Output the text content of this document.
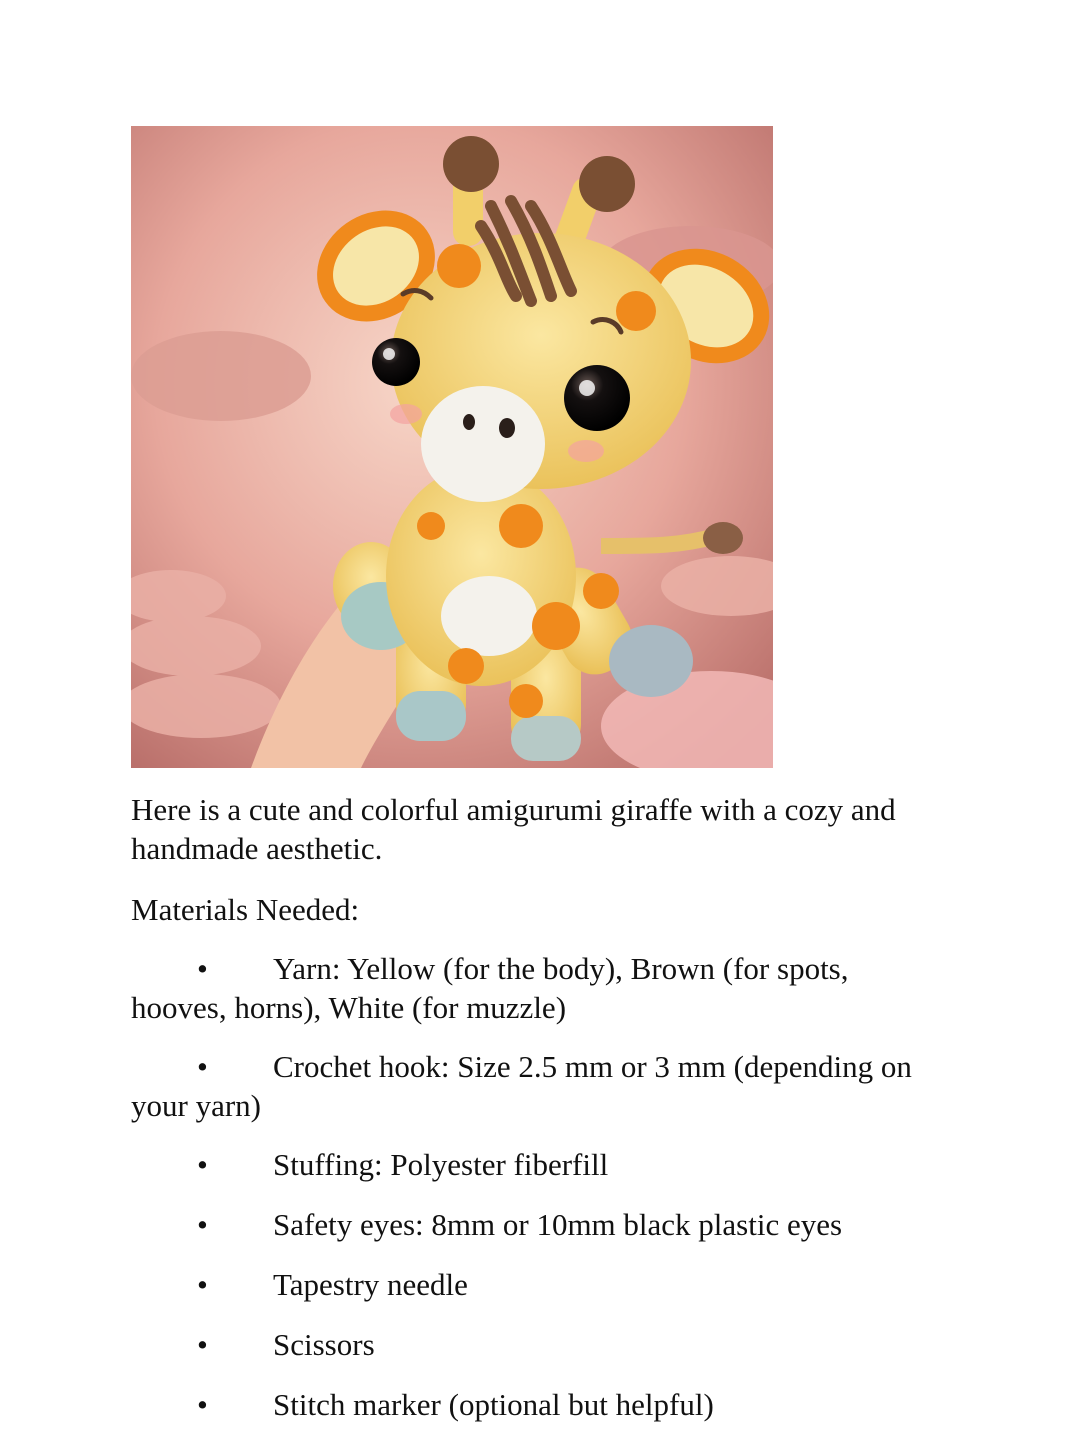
Here is a cute and colorful amigurumi giraffe with a cozy and handmade aesthetic.

Materials Needed:

• Yarn: Yellow (for the body), Brown (for spots, hooves, horns), White (for muzzle)

• Crochet hook: Size 2.5 mm or 3 mm (depending on your yarn)

• Stuffing: Polyester fiberfill

• Safety eyes: 8mm or 10mm black plastic eyes

• Tapestry needle

• Scissors

• Stitch marker (optional but helpful)
